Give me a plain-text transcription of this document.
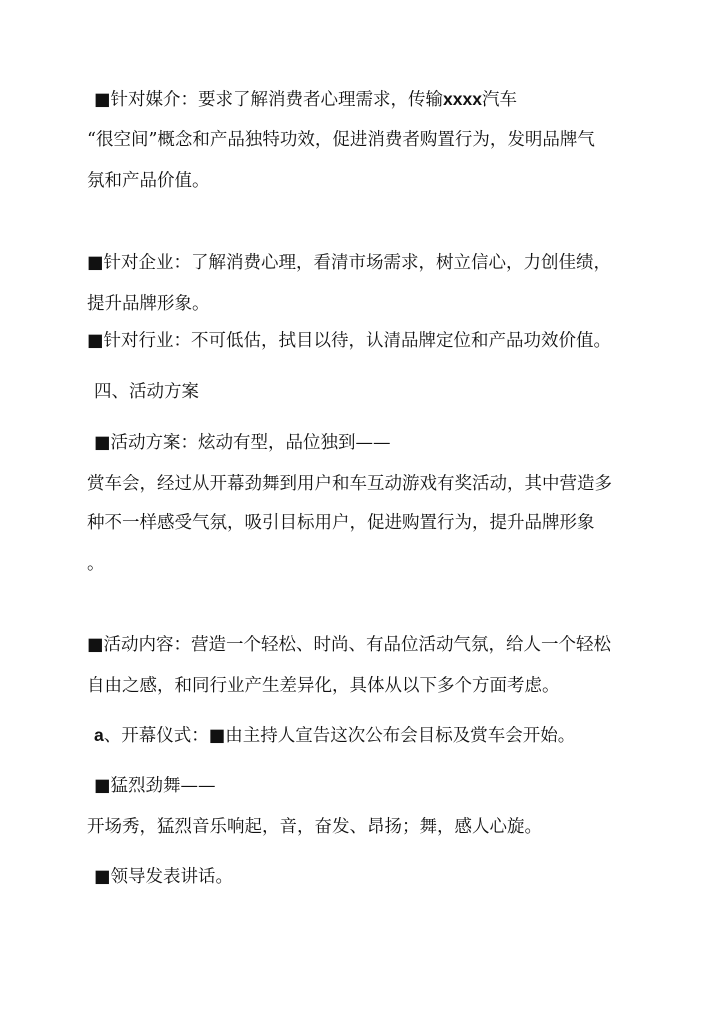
■针对媒介：要求了解消费者心理需求，传输xxxx汽车

“很空间”概念和产品独特功效，促进消费者购置行为，发明品牌气

氛和产品价值。

■针对企业：了解消费心理，看清市场需求，树立信心，力创佳绩，

提升品牌形象。

■针对行业：不可低估，拭目以待，认清品牌定位和产品功效价值。

四、活动方案

■活动方案：炫动有型，品位独到——

赏车会，经过从开幕劲舞到用户和车互动游戏有奖活动，其中营造多

种不一样感受气氛，吸引目标用户，促进购置行为，提升品牌形象

。

■活动内容：营造一个轻松、时尚、有品位活动气氛，给人一个轻松

自由之感，和同行业产生差异化，具体从以下多个方面考虑。

a、开幕仪式：■由主持人宣告这次公布会目标及赏车会开始。

■猛烈劲舞——

开场秀，猛烈音乐响起，音，奋发、昂扬；舞，感人心旋。

■领导发表讲话。
